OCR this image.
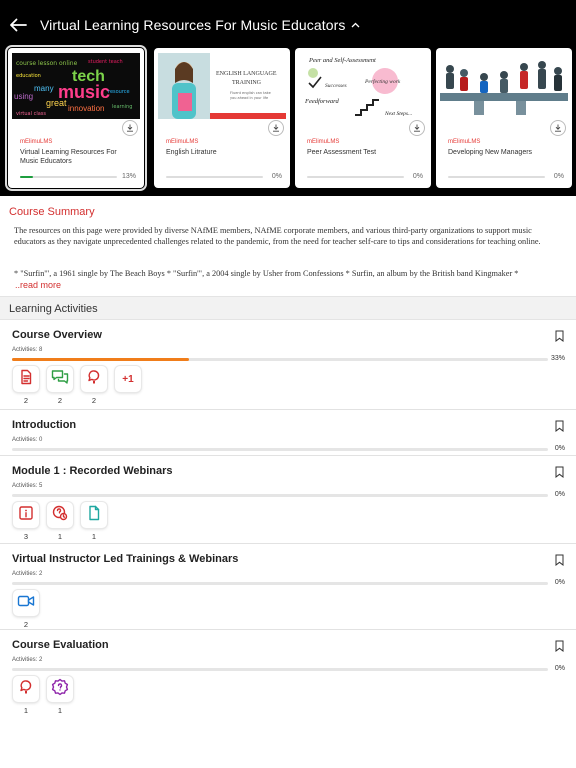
Virtual Learning Resources For Music Educators
course lesson online student teach
tech
music
great
many
using
innovation
education
resource
learning
virtual class
mElimuLMS
Virtual Learning Resources For Music Educators
13%
ENGLISH LANGUAGE
TRAINING
Fluent english can take
you ahead in your life
mElimuLMS
English Litrature
0%
Peer and Self-Assessment
Successes
Perfecting work
Feedforward
Next Steps...
mElimuLMS
Peer Assessment Test
0%
mElimuLMS
Developing New Managers
0%
Course Summary
The resources on this page were provided by diverse NAfME members, NAfME corporate members, and various third-party organizations to support music educators as they navigate unprecedented challenges related to the pandemic, from the need for teacher self-care to tips and considerations for teaching online.
* "Surfin'", a 1961 single by The Beach Boys * "Surfin'", a 2004 single by Usher from Confessions * Surfin, an album by the British band Kingmaker *
..read more
Learning Activities
Course Overview
Activities: 8
33%
2	2	2
+1
Introduction
Activities: 0
0%
Module 1 : Recorded Webinars
Activities: 5
0%
3	1	1
Virtual Instructor Led Trainings & Webinars
Activities: 2
0%
2
Course Evaluation
Activities: 2
0%
1	1
